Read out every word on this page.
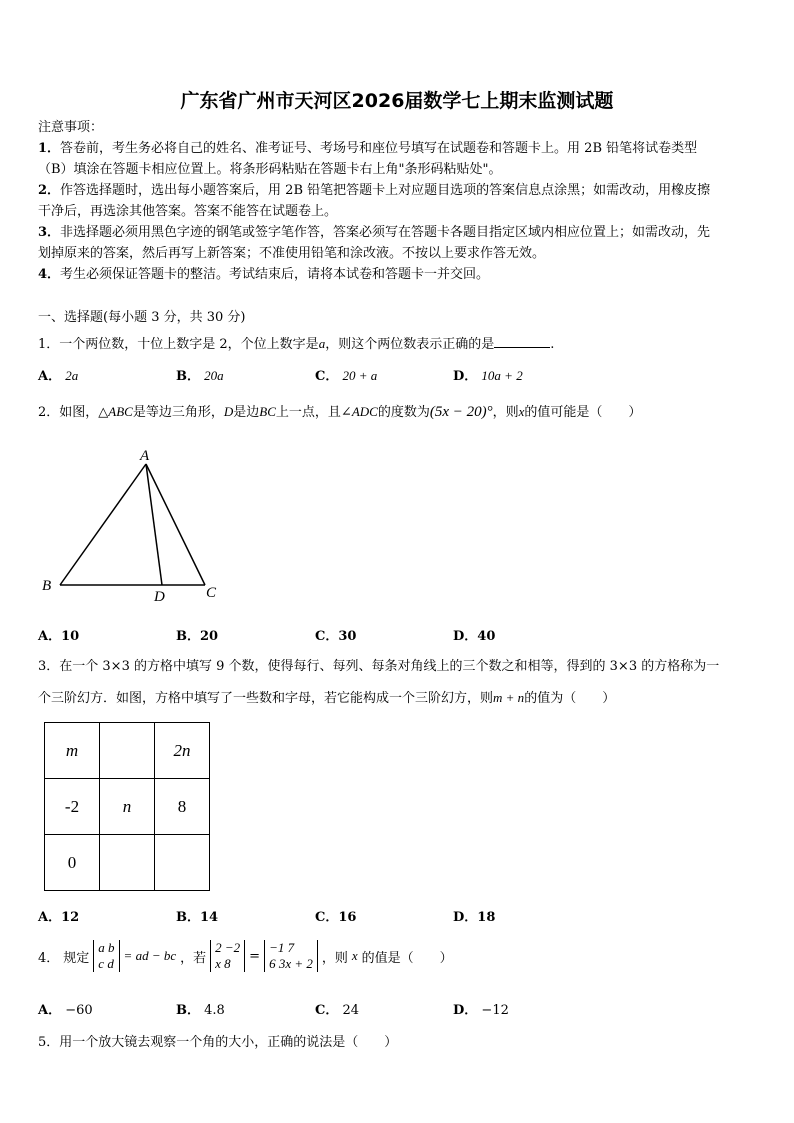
广东省广州市天河区2026届数学七上期末监测试题
注意事项：
1．答卷前，考生务必将自己的姓名、准考证号、考场号和座位号填写在试题卷和答题卡上。用 2B 铅笔将试卷类型
（B）填涂在答题卡相应位置上。将条形码粘贴在答题卡右上角"条形码粘贴处"。
2．作答选择题时，选出每小题答案后，用 2B 铅笔把答题卡上对应题目选项的答案信息点涂黑；如需改动，用橡皮擦
干净后，再选涂其他答案。答案不能答在试题卷上。
3．非选择题必须用黑色字迹的钢笔或签字笔作答，答案必须写在答题卡各题目指定区域内相应位置上；如需改动，先
划掉原来的答案，然后再写上新答案；不准使用铅笔和涂改液。不按以上要求作答无效。
4．考生必须保证答题卡的整洁。考试结束后，请将本试卷和答题卡一并交回。
一、选择题(每小题 3 分，共 30 分)
1．一个两位数，十位上数字是 2，个位上数字是a，则这个两位数表示正确的是	.
A． 2a	B． 20a	C． 20 + a	D． 10a + 2
2．如图，△ABC是等边三角形，D是边BC上一点，且∠ADC的度数为(5x − 20)°，则x的值可能是（　　）
A
B	C
D
A．10	B．20	C．30	D．40
3．在一个 3×3 的方格中填写 9 个数，使得每行、每列、每条对角线上的三个数之和相等，得到的 3×3 的方格称为一
个三阶幻方．如图，方格中填写了一些数和字母，若它能构成一个三阶幻方，则m + n的值为（　　）
m		2n
-2	n	8
0		
A．12	B．14	C．16	D．18
4． 规定
a b
c d
= ad − bc ，若
2 −2
x 8	=
−1 7
6 3x + 2 ，则 x 的值是（　　）
A． −60	B． 4.8	C． 24	D． −12
5．用一个放大镜去观察一个角的大小，正确的说法是（　　）
